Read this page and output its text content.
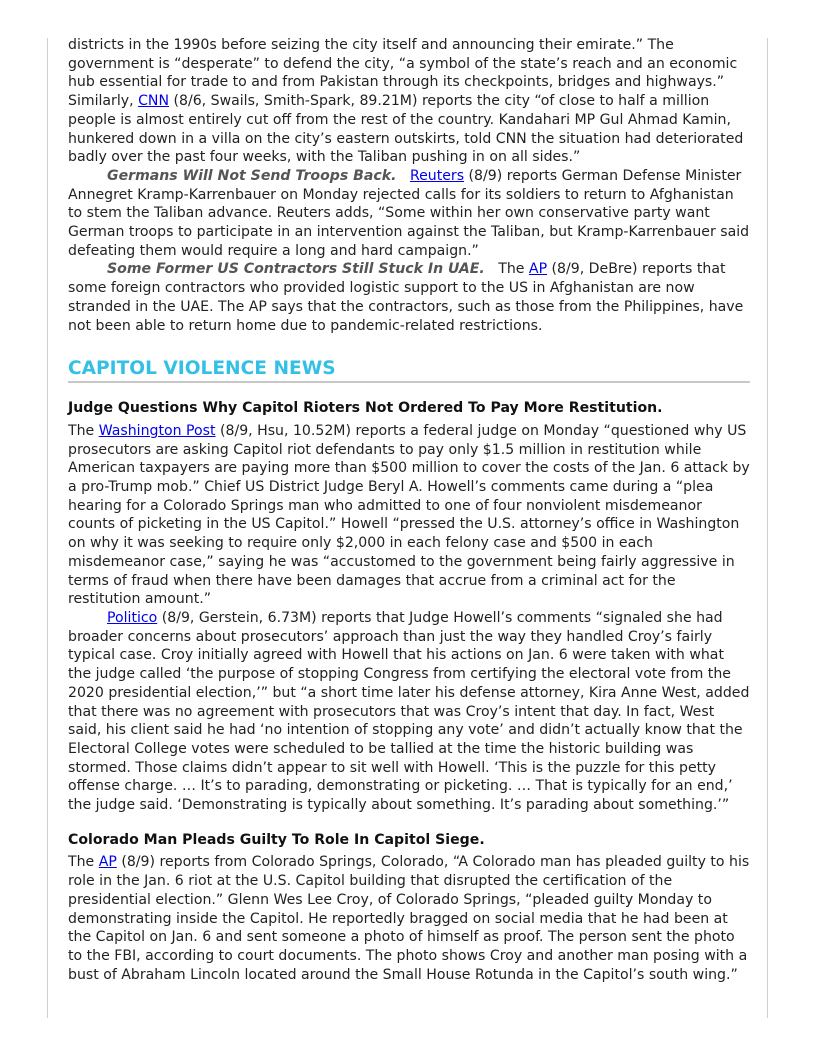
districts in the 1990s before seizing the city itself and announcing their emirate.” The government is “desperate” to defend the city, “a symbol of the state’s reach and an economic hub essential for trade to and from Pakistan through its checkpoints, bridges and highways.” Similarly, CNN (8/6, Swails, Smith-Spark, 89.21M) reports the city “of close to half a million people is almost entirely cut off from the rest of the country. Kandahari MP Gul Ahmad Kamin, hunkered down in a villa on the city’s eastern outskirts, told CNN the situation had deteriorated badly over the past four weeks, with the Taliban pushing in on all sides.”

Germans Will Not Send Troops Back. Reuters (8/9) reports German Defense Minister Annegret Kramp-Karrenbauer on Monday rejected calls for its soldiers to return to Afghanistan to stem the Taliban advance. Reuters adds, “Some within her own conservative party want German troops to participate in an intervention against the Taliban, but Kramp-Karrenbauer said defeating them would require a long and hard campaign.”

Some Former US Contractors Still Stuck In UAE. The AP (8/9, DeBre) reports that some foreign contractors who provided logistic support to the US in Afghanistan are now stranded in the UAE. The AP says that the contractors, such as those from the Philippines, have not been able to return home due to pandemic-related restrictions.

CAPITOL VIOLENCE NEWS
Judge Questions Why Capitol Rioters Not Ordered To Pay More Restitution.

The Washington Post (8/9, Hsu, 10.52M) reports a federal judge on Monday “questioned why US prosecutors are asking Capitol riot defendants to pay only $1.5 million in restitution while American taxpayers are paying more than $500 million to cover the costs of the Jan. 6 attack by a pro-Trump mob.” Chief US District Judge Beryl A. Howell’s comments came during a “plea hearing for a Colorado Springs man who admitted to one of four nonviolent misdemeanor counts of picketing in the US Capitol.” Howell “pressed the U.S. attorney’s office in Washington on why it was seeking to require only $2,000 in each felony case and $500 in each misdemeanor case,” saying he was “accustomed to the government being fairly aggressive in terms of fraud when there have been damages that accrue from a criminal act for the restitution amount.”

Politico (8/9, Gerstein, 6.73M) reports that Judge Howell’s comments “signaled she had broader concerns about prosecutors’ approach than just the way they handled Croy’s fairly typical case. Croy initially agreed with Howell that his actions on Jan. 6 were taken with what the judge called ‘the purpose of stopping Congress from certifying the electoral vote from the 2020 presidential election,’” but “a short time later his defense attorney, Kira Anne West, added that there was no agreement with prosecutors that was Croy’s intent that day. In fact, West said, his client said he had ‘no intention of stopping any vote’ and didn’t actually know that the Electoral College votes were scheduled to be tallied at the time the historic building was stormed. Those claims didn’t appear to sit well with Howell. ‘This is the puzzle for this petty offense charge. … It’s to parading, demonstrating or picketing. … That is typically for an end,’ the judge said. ‘Demonstrating is typically about something. It’s parading about something.’”

Colorado Man Pleads Guilty To Role In Capitol Siege.

The AP (8/9) reports from Colorado Springs, Colorado, “A Colorado man has pleaded guilty to his role in the Jan. 6 riot at the U.S. Capitol building that disrupted the certification of the presidential election.” Glenn Wes Lee Croy, of Colorado Springs, “pleaded guilty Monday to demonstrating inside the Capitol. He reportedly bragged on social media that he had been at the Capitol on Jan. 6 and sent someone a photo of himself as proof. The person sent the photo to the FBI, according to court documents. The photo shows Croy and another man posing with a bust of Abraham Lincoln located around the Small House Rotunda in the Capitol’s south wing.”
